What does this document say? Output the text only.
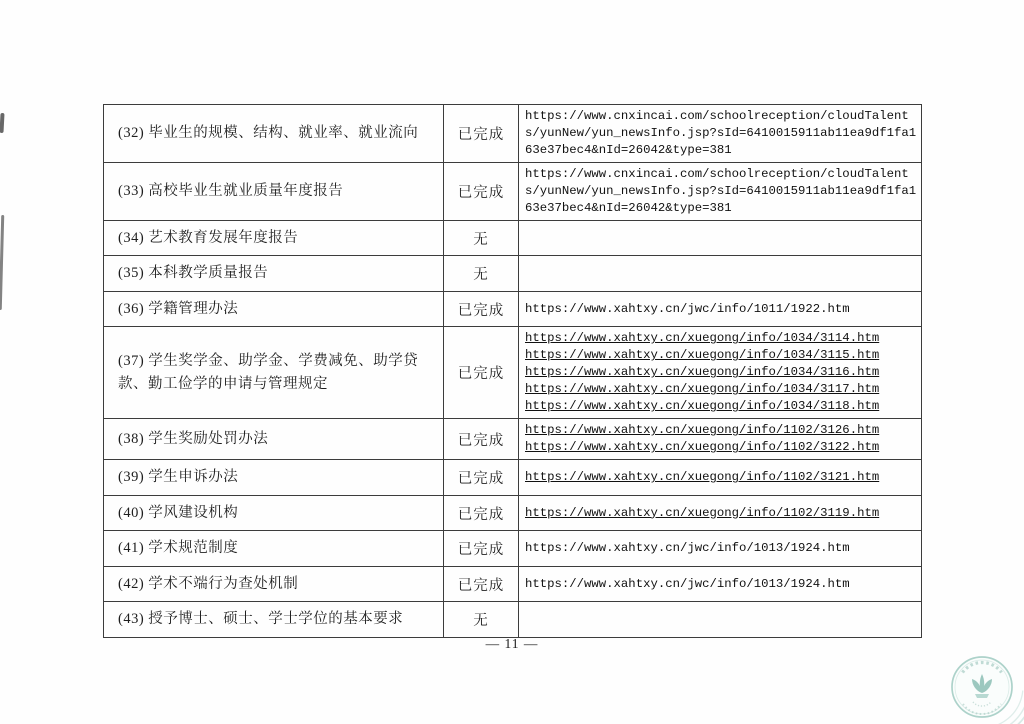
(32) 毕业生的规模、结构、就业率、就业流向	已完成	https://www.cnxincai.com/schoolreception/cloudTalents/yunNew/yun_newsInfo.jsp?sId=6410015911ab11ea9df1fa163e37bec4&nId=26042&type=381

(33) 高校毕业生就业质量年度报告	已完成	https://www.cnxincai.com/schoolreception/cloudTalents/yunNew/yun_newsInfo.jsp?sId=6410015911ab11ea9df1fa163e37bec4&nId=26042&type=381

(34) 艺术教育发展年度报告	无	
(35) 本科教学质量报告	无	
(36) 学籍管理办法	已完成	https://www.xahtxy.cn/jwc/info/1011/1922.htm

(37) 学生奖学金、助学金、学费减免、助学贷款、勤工俭学的申请与管理规定	已完成	https://www.xahtxy.cn/xuegong/info/1034/3114.htm
https://www.xahtxy.cn/xuegong/info/1034/3115.htm
https://www.xahtxy.cn/xuegong/info/1034/3116.htm
https://www.xahtxy.cn/xuegong/info/1034/3117.htm
https://www.xahtxy.cn/xuegong/info/1034/3118.htm

(38) 学生奖励处罚办法	已完成	https://www.xahtxy.cn/xuegong/info/1102/3126.htm
https://www.xahtxy.cn/xuegong/info/1102/3122.htm

(39) 学生申诉办法	已完成	https://www.xahtxy.cn/xuegong/info/1102/3121.htm

(40) 学风建设机构	已完成	https://www.xahtxy.cn/xuegong/info/1102/3119.htm

(41) 学术规范制度	已完成	https://www.xahtxy.cn/jwc/info/1013/1924.htm

(42) 学术不端行为查处机制	已完成	https://www.xahtxy.cn/jwc/info/1013/1924.htm

(43) 授予博士、硕士、学士学位的基本要求	无	
— 11 —
